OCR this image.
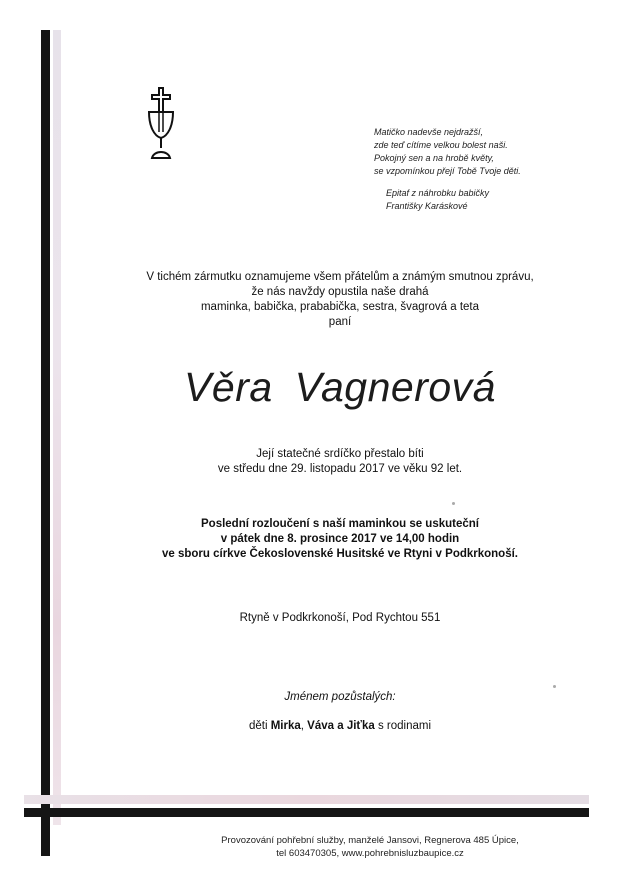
Matičko nadevše nejdražší,
zde teď cítíme velkou bolest naši.
Pokojný sen a na hrobě květy,
se vzpomínkou přejí Tobě Tvoje děti.
Epitaf z náhrobku babičky
Františky Karáskové
V tichém zármutku oznamujeme všem přátelům a známým smutnou zprávu,
že nás navždy opustila naše drahá
maminka, babička, prababička, sestra, švagrová a teta
paní
Věra Vagnerová
Její statečné srdíčko přestalo bíti
ve středu dne 29. listopadu 2017 ve věku 92 let.
Poslední rozloučení s naší maminkou se uskuteční
v pátek dne 8. prosince 2017 ve 14,00 hodin
ve sboru církve Čekoslovenské Husitské ve Rtyni v Podkrkonoší.
Rtyně v Podkrkonoší, Pod Rychtou 551
Jménem pozůstalých:
děti Mirka, Váva a Jiťka s rodinami
Provozování pohřební služby, manželé Jansovi, Regnerova 485 Úpice,
tel 603470305, www.pohrebnisluzbaupice.cz
